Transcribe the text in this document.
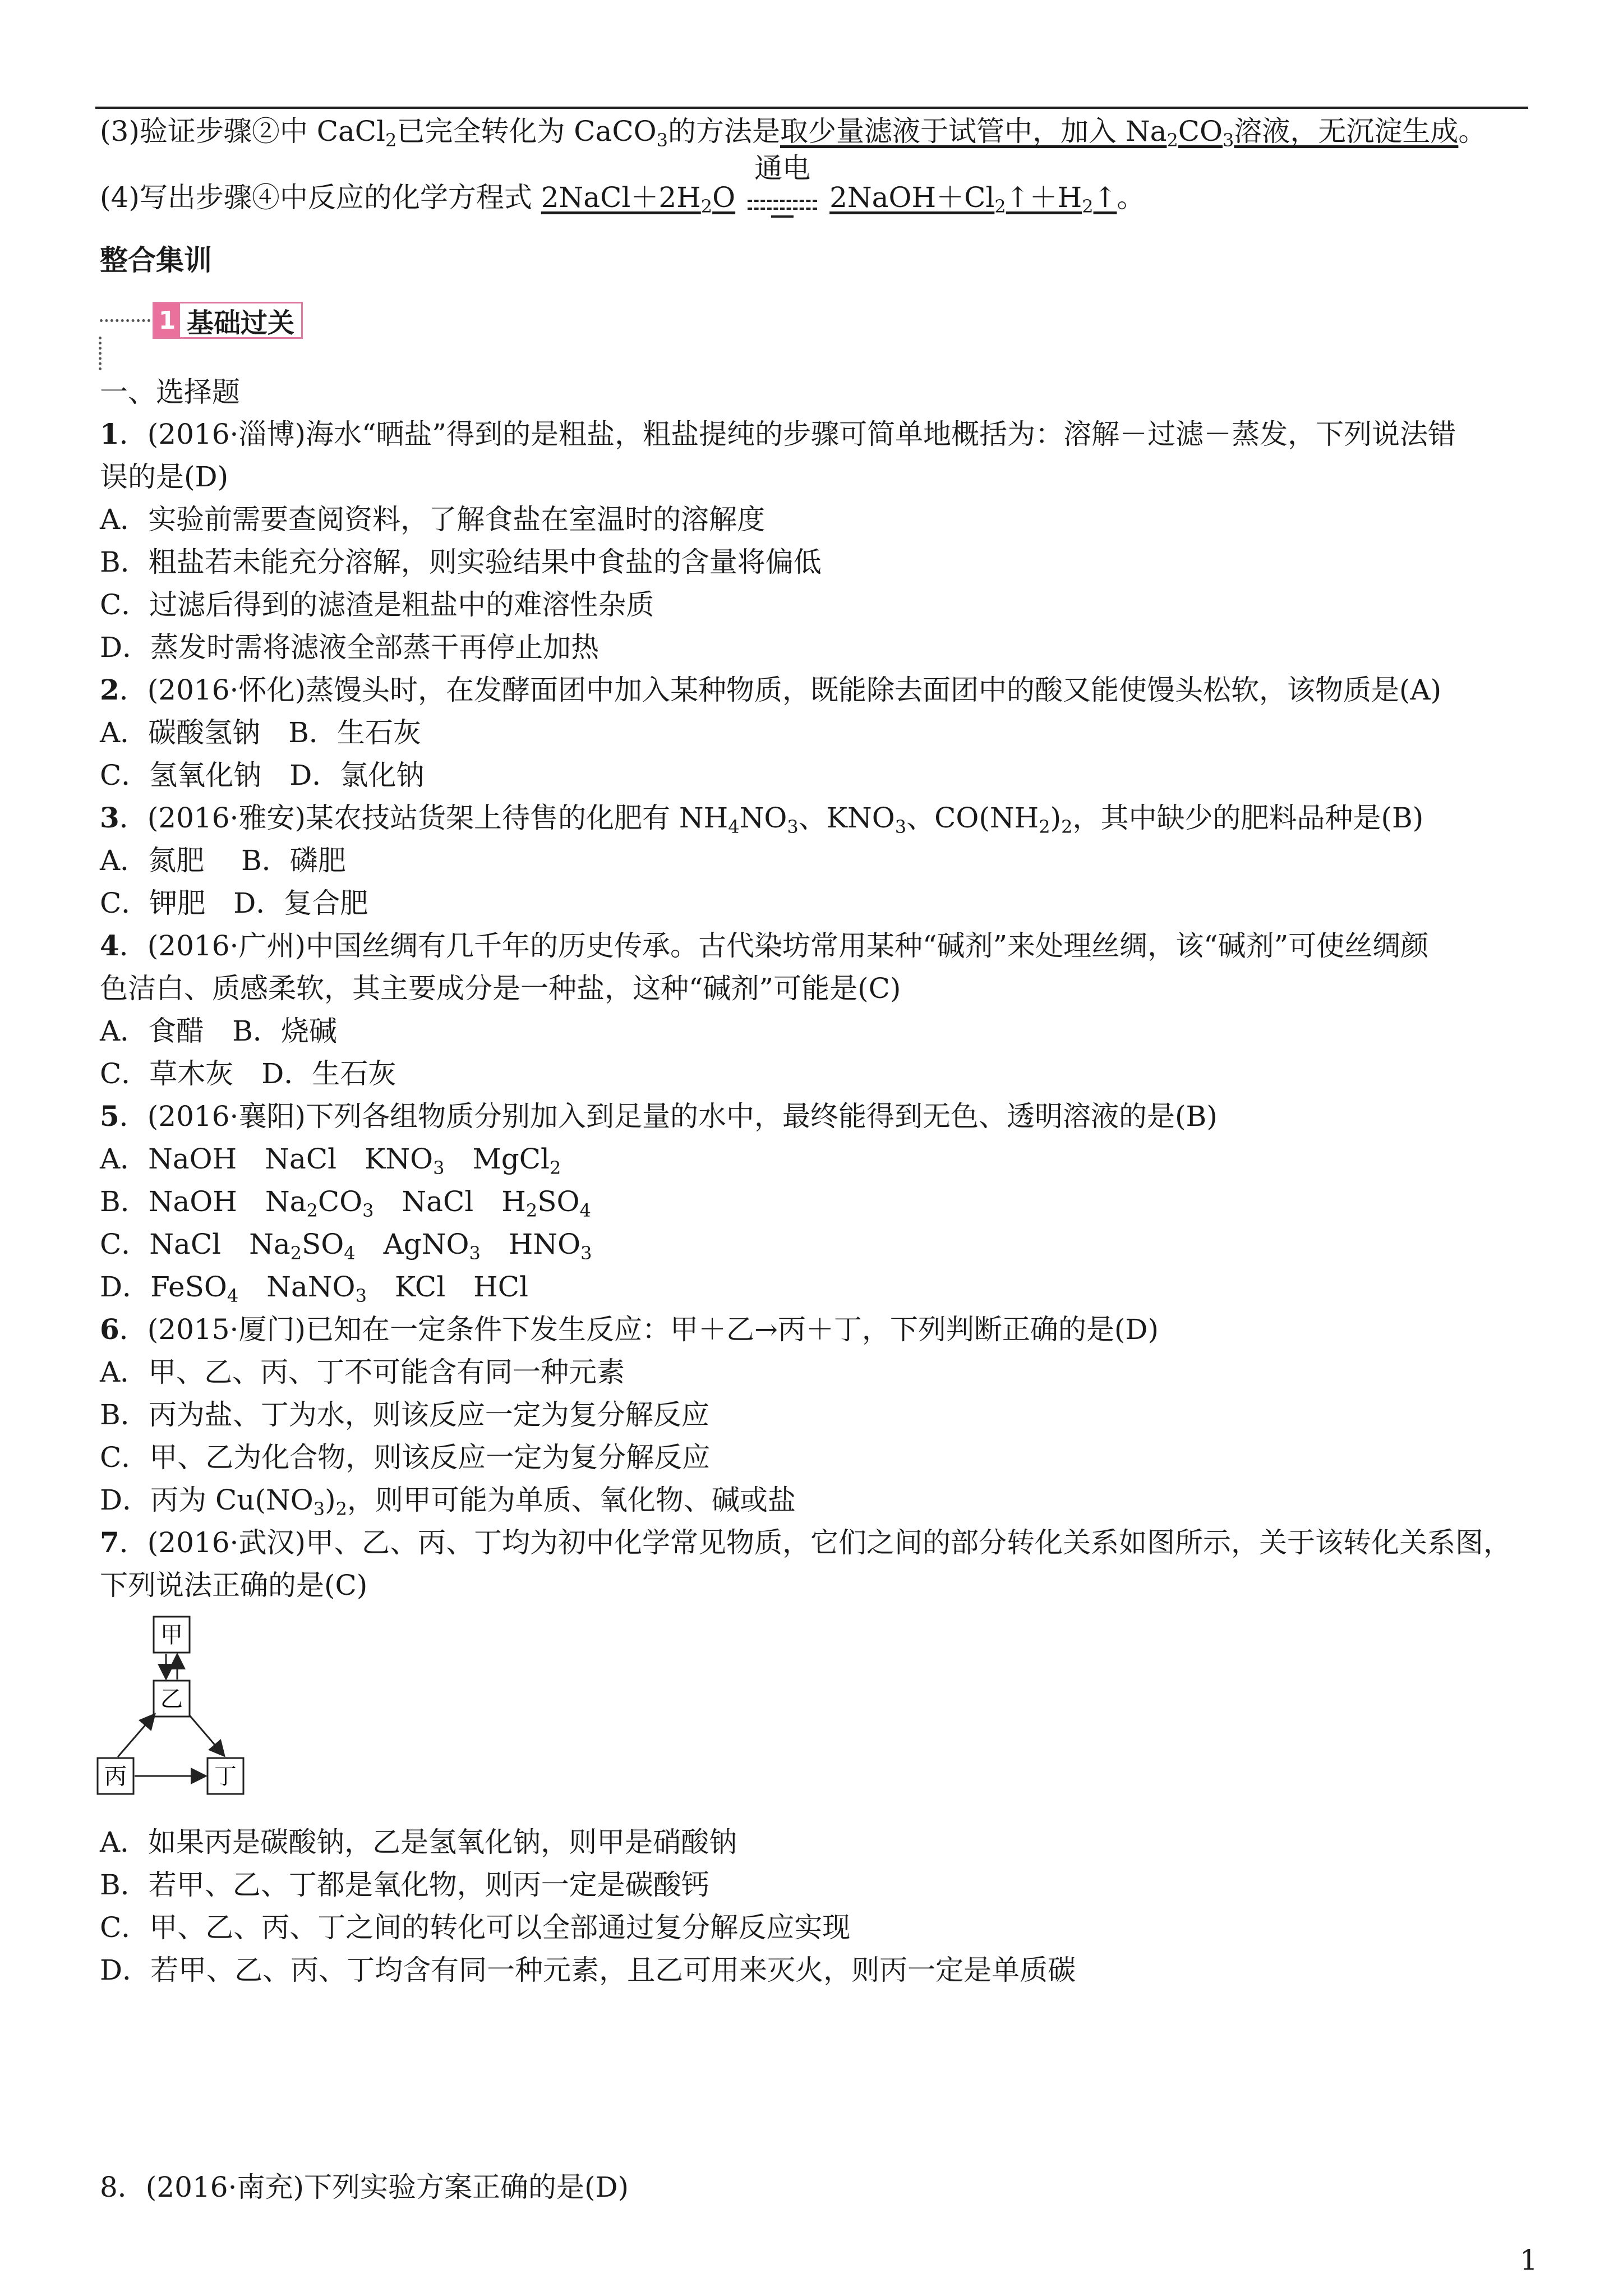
(3)验证步骤②中 CaCl$_2$已完全转化为 CaCO$_3$的方法是取少量滤液于试管中，加入 $Na_2CO_3$溶液，无沉淀生成。
(4)写出步骤④中反应的化学方程式 $2NaCl+2H_2O$
通电
$2NaOH+Cl_2↑+H_2↑$。
整合集训
1 基础过关
一、选择题
1．(2016·淄博)海水“晒盐”得到的是粗盐，粗盐提纯的步骤可简单地概括为：溶解－过滤－蒸发，下列说法错
误的是(D)
A．实验前需要查阅资料，了解食盐在室温时的溶解度
B．粗盐若未能充分溶解，则实验结果中食盐的含量将偏低
C．过滤后得到的滤渣是粗盐中的难溶性杂质
D．蒸发时需将滤液全部蒸干再停止加热
2．(2016·怀化)蒸馒头时，在发酵面团中加入某种物质，既能除去面团中的酸又能使馒头松软，该物质是(A)
A．碳酸氢钠　B．生石灰
C．氢氧化钠　D．氯化钠
3．(2016·雅安)某农技站货架上待售的化肥有 $NH_4NO_3$、$KNO_3$、$CO(NH_2)_2$，其中缺少的肥料品种是(B)
A．氮肥 　B．磷肥
C．钾肥　D．复合肥
4．(2016·广州)中国丝绸有几千年的历史传承。古代染坊常用某种“碱剂”来处理丝绸，该“碱剂”可使丝绸颜
色洁白、质感柔软，其主要成分是一种盐，这种“碱剂”可能是(C)
A．食醋　B．烧碱
C．草木灰　D．生石灰
5．(2016·襄阳)下列各组物质分别加入到足量的水中，最终能得到无色、透明溶液的是(B)
A．NaOH　NaCl　$KNO_3$　MgCl$_2$
B．NaOH　$Na_2CO_3$　NaCl　$H_2SO_4$
C．NaCl　$Na_2SO_4$　AgNO$_3$　$HNO_3$
D．FeSO$_4$　NaNO$_3$　KCl　HCl
6．(2015·厦门)已知在一定条件下发生反应：甲＋乙→丙＋丁，下列判断正确的是(D)
A．甲、乙、丙、丁不可能含有同一种元素
B．丙为盐、丁为水，则该反应一定为复分解反应
C．甲、乙为化合物，则该反应一定为复分解反应
D．丙为 $Cu(NO_3)_2$，则甲可能为单质、氧化物、碱或盐
7．(2016·武汉)甲、乙、丙、丁均为初中化学常见物质，它们之间的部分转化关系如图所示，关于该转化关系图，
下列说法正确的是(C)
甲
乙
丙	丁
A．如果丙是碳酸钠，乙是氢氧化钠，则甲是硝酸钠
B．若甲、乙、丁都是氧化物，则丙一定是碳酸钙
C．甲、乙、丙、丁之间的转化可以全部通过复分解反应实现
D．若甲、乙、丙、丁均含有同一种元素，且乙可用来灭火，则丙一定是单质碳
8．(2016·南充)下列实验方案正确的是(D)
1
